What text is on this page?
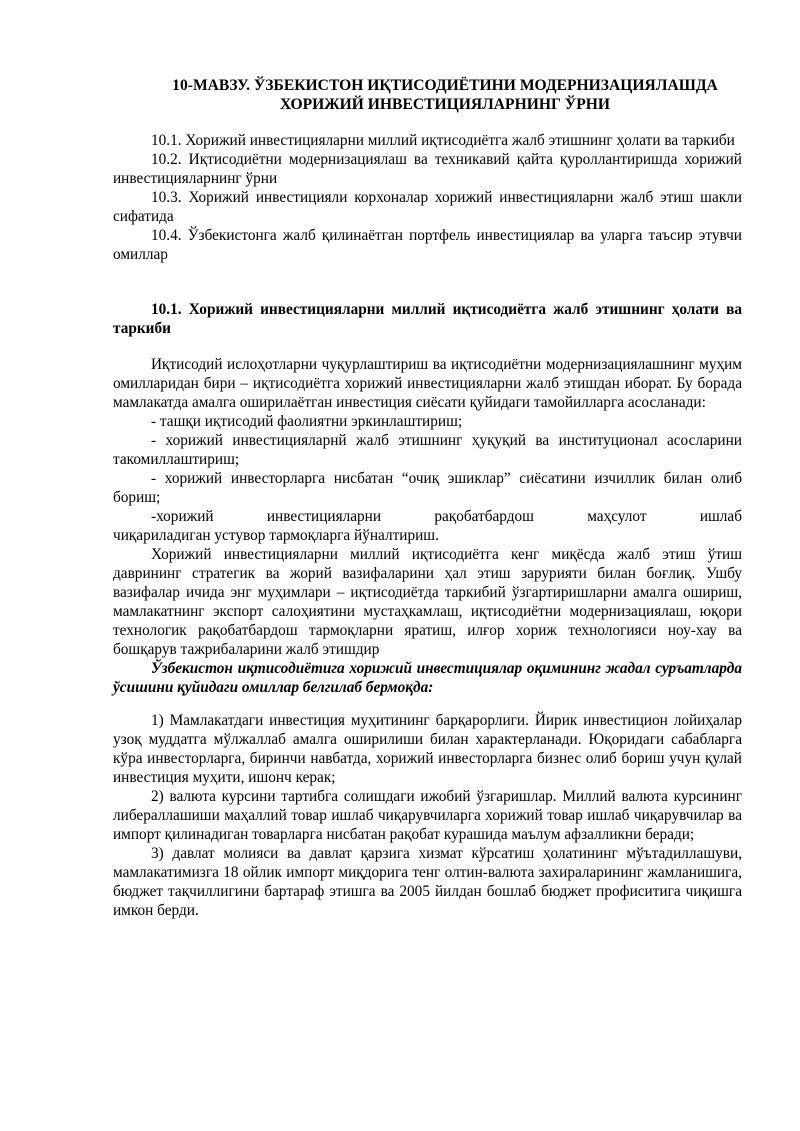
10-МАВЗУ. ЎЗБЕКИСТОН ИҚТИСОДИЁТИНИ МОДЕРНИЗАЦИЯЛАШДА
ХОРИЖИЙ ИНВЕСТИЦИЯЛАРНИНГ ЎРНИ

10.1. Хорижий инвестицияларни миллий иқтисодиётга жалб этишнинг ҳолати ва таркиби

10.2. Иқтисодиётни модернизациялаш ва техникавий қайта қуроллантиришда хорижий инвестицияларнинг ўрни

10.3. Хорижий инвестицияли корхоналар хорижий инвестицияларни жалб этиш шакли сифатида

10.4. Ўзбекистонга жалб қилинаётган портфель инвестициялар ва уларга таъсир этувчи омиллар

10.1. Хорижий инвестицияларни миллий иқтисодиётга жалб этишнинг ҳолати ва таркиби

Иқтисодий ислоҳотларни чуқурлаштириш ва иқтисодиётни модернизациялашнинг муҳим омилларидан бири – иқтисодиётга хорижий инвестицияларни жалб этишдан иборат. Бу борада мамлакатда амалга оширилаётган инвестиция сиёсати қуйидаги тамойилларга асосланади:

- ташқи иқтисодий фаолиятни эркинлаштириш;

- хорижий инвестицияларнй жалб этишнинг ҳуқуқий ва институционал асосларини такомиллаштириш;

- хорижий инвесторларга нисбатан “очиқ эшиклар” сиёсатини изчиллик билан олиб бориш;

-хорижий инвестицияларни рақобатбардош маҳсулот ишлаб

чиқариладиган устувор тармоқларга йўналтириш.

Хорижий инвестицияларни миллий иқтисодиётга кенг миқёсда жалб этиш ўтиш даврининг стратегик ва жорий вазифаларини ҳал этиш зарурияти билан боғлиқ. Ушбу вазифалар ичида энг муҳимлари – иқтисодиётда таркибий ўзгартиришларни амалга ошириш, мамлакатнинг экспорт салоҳиятини мустаҳкамлаш, иқтисодиётни модернизациялаш, юқори технологик рақобатбардош тармоқларни яратиш, илғор хориж технологияси ноу-хау ва бошқарув тажрибаларини жалб этишдир

Ўзбекистон иқтисодиётига хорижий инвестициялар оқимининг жадал суръатларда ўсишини қуйидаги омиллар белгилаб бермоқда:

1) Мамлакатдаги инвестиция муҳитининг барқарорлиги. Йирик инвестицион лойиҳалар узоқ муддатга мўлжаллаб амалга оширилиши билан характерланади. Юқоридаги сабабларга кўра инвесторларга, биринчи навбатда, хорижий инвесторларга бизнес олиб бориш учун қулай инвестиция муҳити, ишонч керак;

2) валюта курсини тартибга солишдаги ижобий ўзгаришлар. Миллий валюта курсининг либераллашиши маҳаллий товар ишлаб чиқарувчиларга хорижий товар ишлаб чиқарувчилар ва импорт қилинадиган товарларга нисбатан рақобат курашида маълум афзалликни беради;

3) давлат молияси ва давлат қарзига хизмат кўрсатиш ҳолатининг мўътадиллашуви, мамлакатимизга 18 ойлик импорт миқдорига тенг олтин-валюта захираларининг жамланишига, бюджет тақчиллигини бартараф этишга ва 2005 йилдан бошлаб бюджет профиситига чиқишга имкон берди.
